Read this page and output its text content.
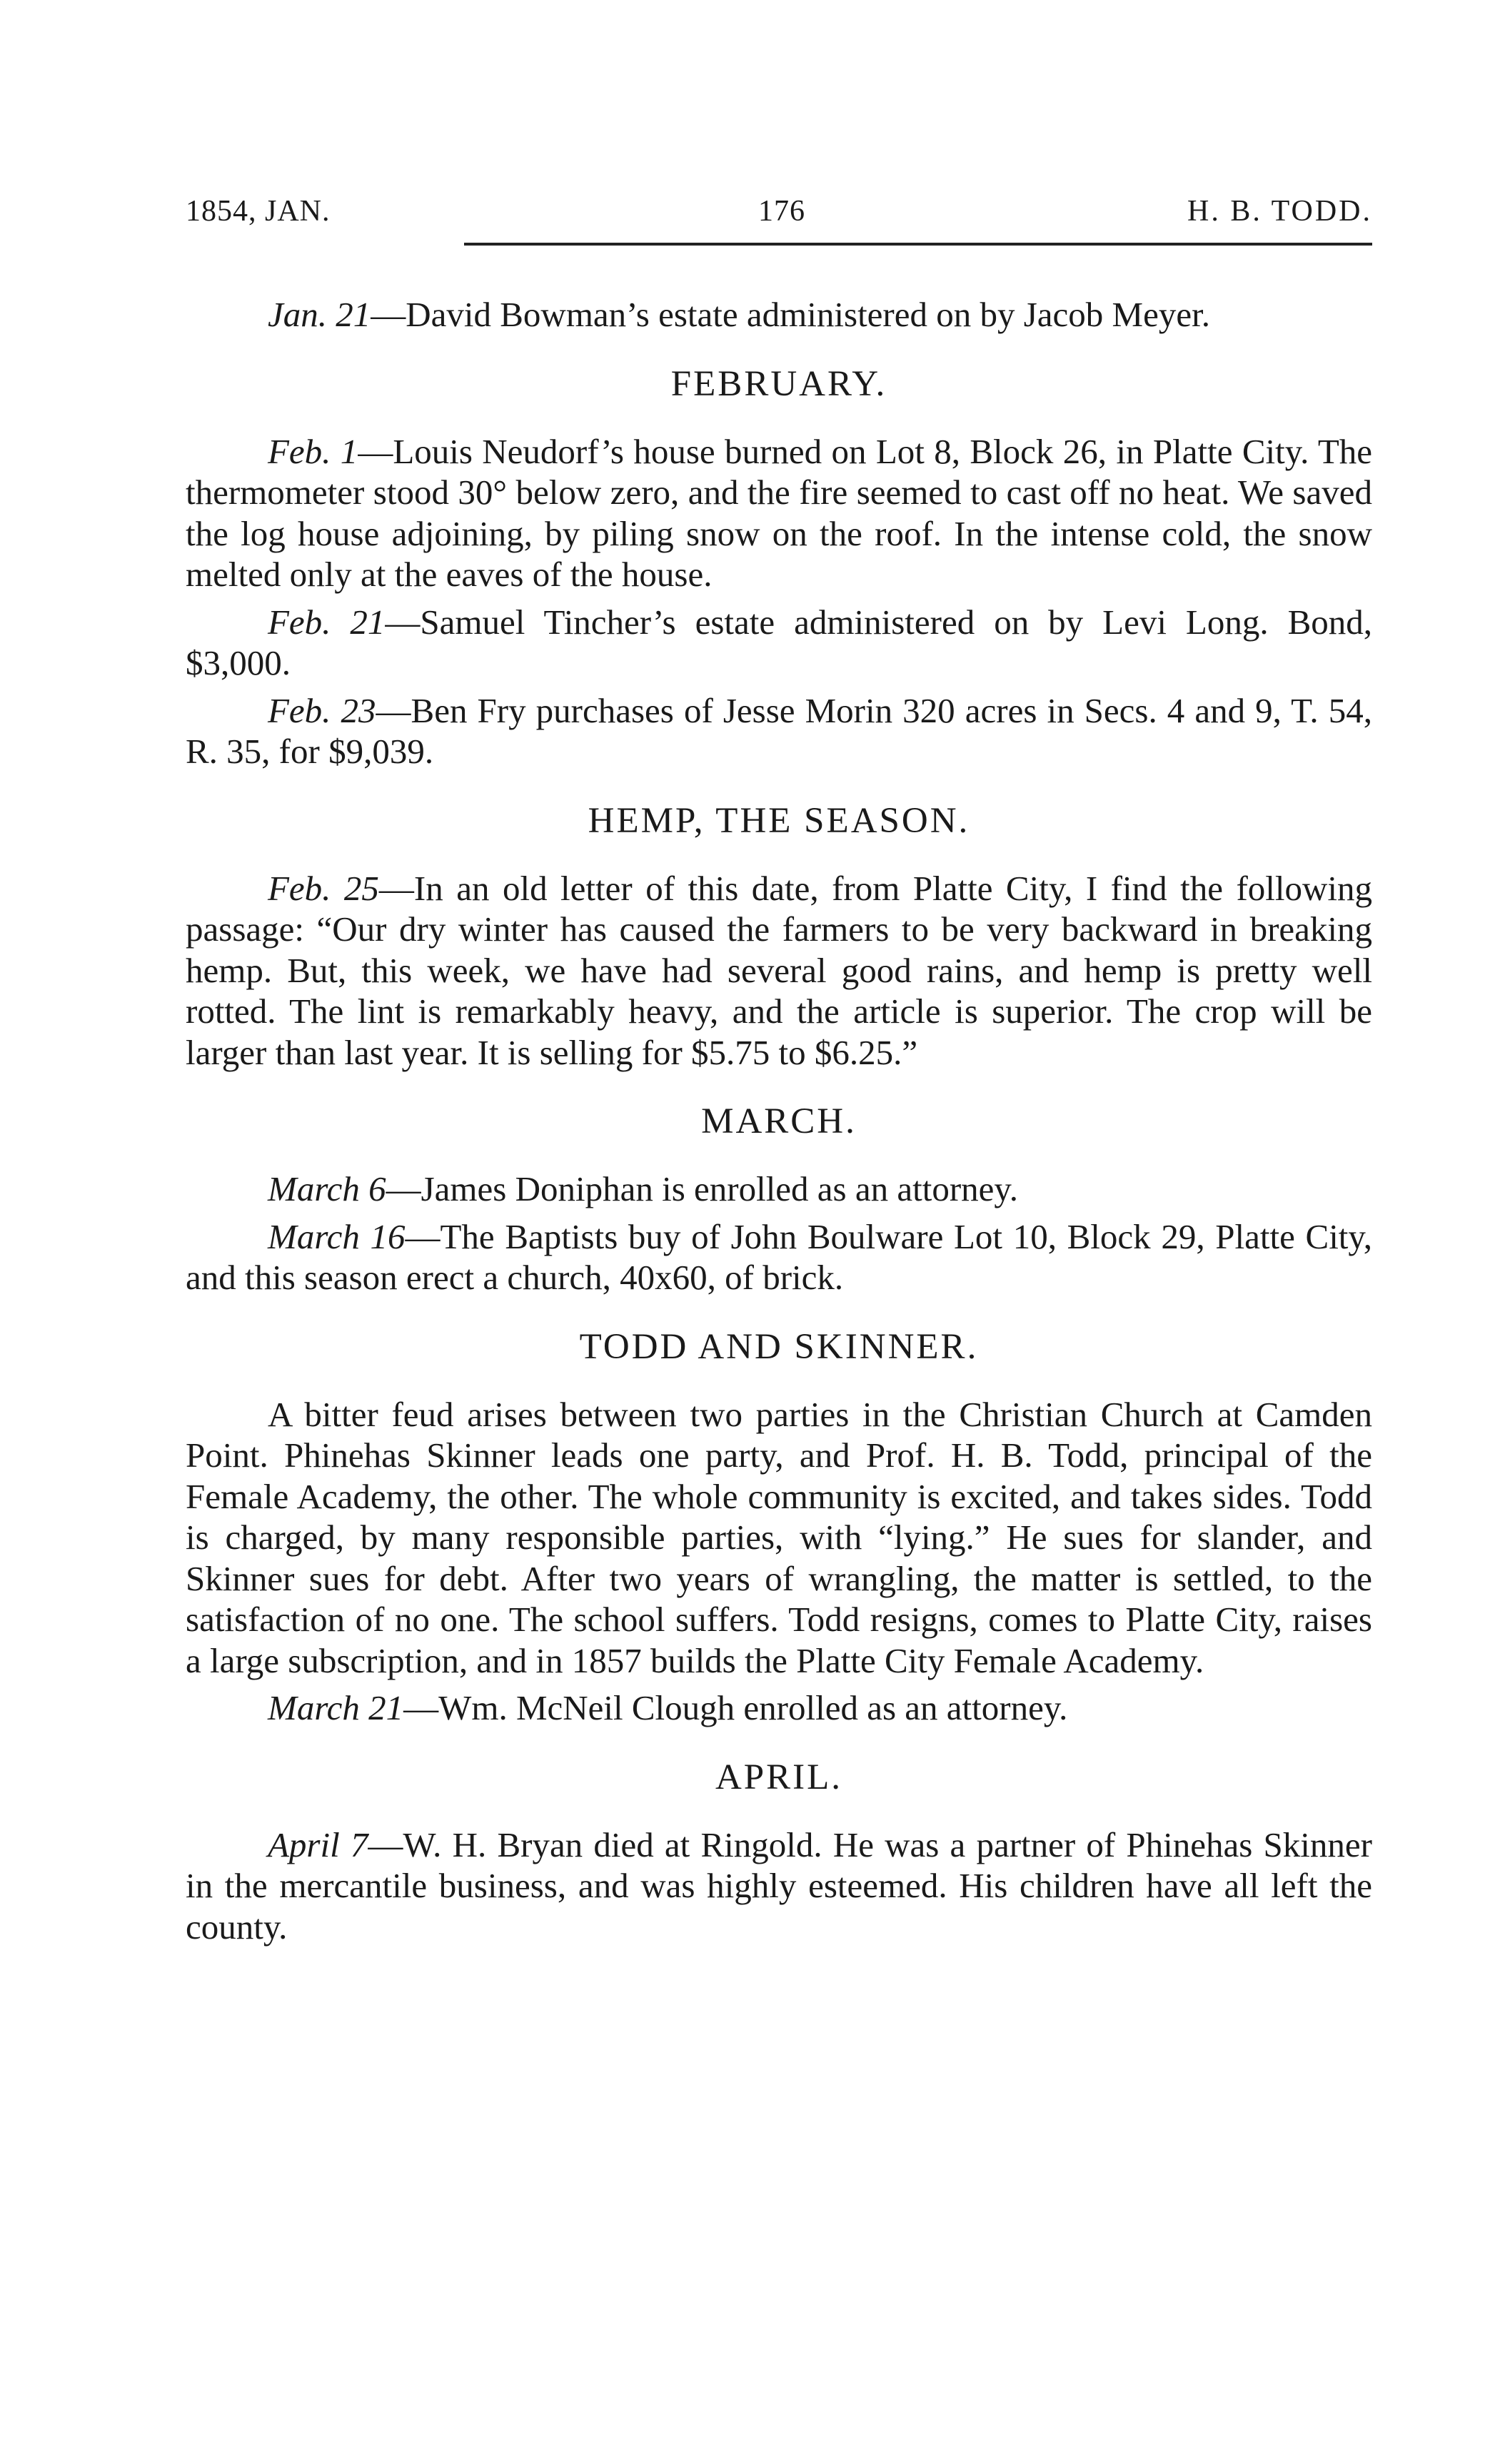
1854, JAN.	176	H. B. TODD.

Jan. 21—David Bowman’s estate administered on by Jacob Meyer.

FEBRUARY.

Feb. 1—Louis Neudorf’s house burned on Lot 8, Block 26, in Platte City. The thermometer stood 30° below zero, and the fire seemed to cast off no heat. We saved the log house adjoining, by piling snow on the roof. In the intense cold, the snow melted only at the eaves of the house.

Feb. 21—Samuel Tincher’s estate administered on by Levi Long. Bond, $3,000.

Feb. 23—Ben Fry purchases of Jesse Morin 320 acres in Secs. 4 and 9, T. 54, R. 35, for $9,039.

HEMP, THE SEASON.

Feb. 25—In an old letter of this date, from Platte City, I find the following passage: “Our dry winter has caused the farmers to be very backward in breaking hemp. But, this week, we have had several good rains, and hemp is pretty well rotted. The lint is remarkably heavy, and the article is superior. The crop will be larger than last year. It is selling for $5.75 to $6.25.”

MARCH.

March 6—James Doniphan is enrolled as an attorney.

March 16—The Baptists buy of John Boulware Lot 10, Block 29, Platte City, and this season erect a church, 40x60, of brick.

TODD AND SKINNER.

A bitter feud arises between two parties in the Christian Church at Camden Point. Phinehas Skinner leads one party, and Prof. H. B. Todd, principal of the Female Academy, the other. The whole community is excited, and takes sides. Todd is charged, by many responsible parties, with “lying.” He sues for slander, and Skinner sues for debt. After two years of wrangling, the matter is settled, to the satisfaction of no one. The school suffers. Todd resigns, comes to Platte City, raises a large subscription, and in 1857 builds the Platte City Female Academy.

March 21—Wm. McNeil Clough enrolled as an attorney.

APRIL.

April 7—W. H. Bryan died at Ringold. He was a partner of Phinehas Skinner in the mercantile business, and was highly esteemed. His children have all left the county.
